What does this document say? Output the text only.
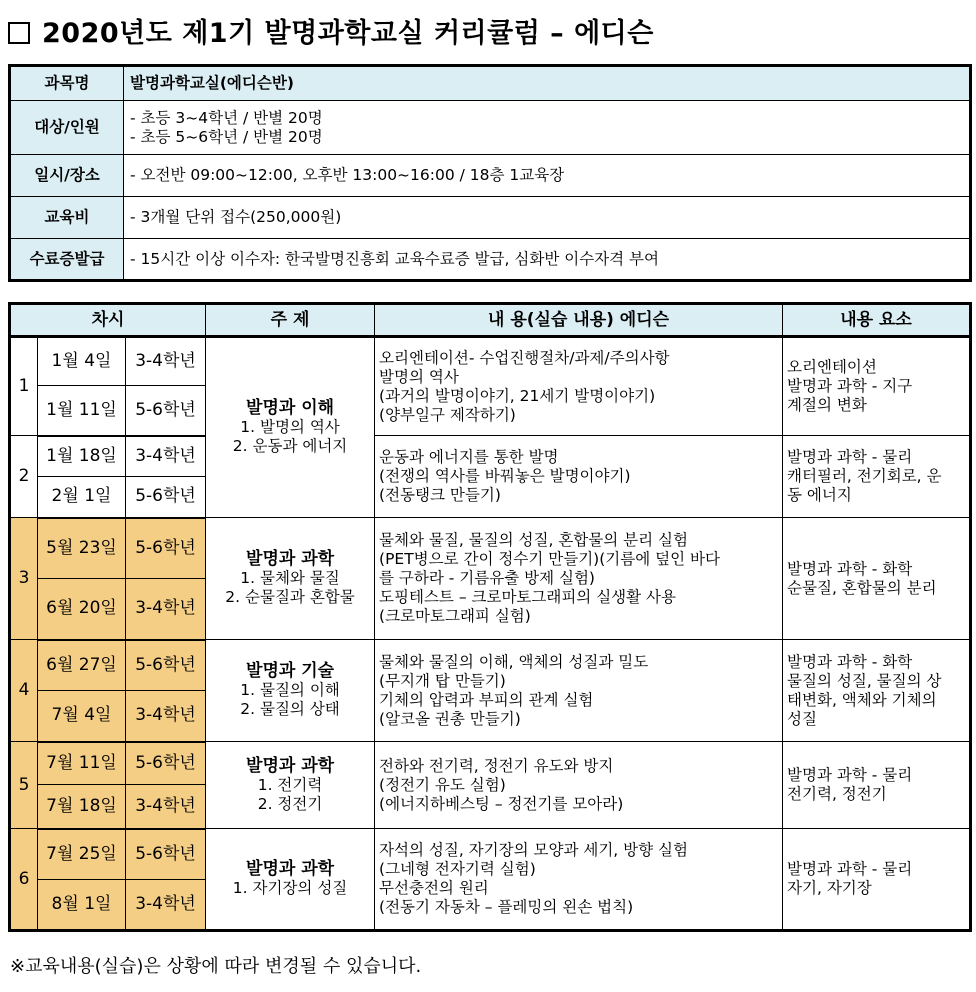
2020년도 제1기 발명과학교실 커리큘럼 – 에디슨
과목명	발명과학교실(에디슨반)
대상/인원	- 초등 3~4학년 / 반별 20명
- 초등 5~6학년 / 반별 20명

일시/장소	- 오전반 09:00~12:00, 오후반 13:00~16:00 / 18층 1교육장
교육비	- 3개월 단위 접수(250,000원)
수료증발급	- 15시간 이상 이수자: 한국발명진흥회 교육수료증 발급, 심화반 이수자격 부여
차시			주 제	내 용(실습 내용) 에디슨	내용 요소
1	1월 4일	3-4학년	발명과 이해
1. 발명의 역사
2. 운동과 에너지	오리엔테이션- 수업진행절차/과제/주의사항
발명의 역사
(과거의 발명이야기, 21세기 발명이야기)
(양부일구 제작하기)	오리엔테이션
발명과 과학 - 지구
계절의 변화

	1월 11일	5-6학년			
2	1월 18일	3-4학년		운동과 에너지를 통한 발명
(전쟁의 역사를 바꿔놓은 발명이야기)
(전동탱크 만들기)	발명과 과학 - 물리
캐터필러, 전기회로, 운
동 에너지

	2월 1일	5-6학년			
3	5월 23일	5-6학년	발명과 과학
1. 물체와 물질
2. 순물질과 혼합물	물체와 물질, 물질의 성질, 혼합물의 분리 실험
(PET병으로 간이 정수기 만들기)(기름에 덮인 바다
를 구하라 - 기름유출 방제 실험)
도핑테스트 – 크로마토그래피의 실생활 사용
(크로마토그래피 실험)	발명과 과학 - 화학
순물질, 혼합물의 분리

	6월 20일	3-4학년			
4	6월 27일	5-6학년	발명과 기술
1. 물질의 이해
2. 물질의 상태	물체와 물질의 이해, 액체의 성질과 밀도
(무지개 탑 만들기)
기체의 압력과 부피의 관계 실험
(알코올 권총 만들기)	발명과 과학 - 화학
물질의 성질, 물질의 상
태변화, 액체와 기체의
성질

	7월 4일	3-4학년			
5	7월 11일	5-6학년	발명과 과학
1. 전기력
2. 정전기	전하와 전기력, 정전기 유도와 방지
(정전기 유도 실험)
(에너지하베스팅 – 정전기를 모아라)	발명과 과학 - 물리
전기력, 정전기

	7월 18일	3-4학년			
6	7월 25일	5-6학년	발명과 과학
1. 자기장의 성질	자석의 성질, 자기장의 모양과 세기, 방향 실험
(그네형 전자기력 실험)
무선충전의 원리
(전동기 자동차 – 플레밍의 왼손 법칙)	발명과 과학 - 물리
자기, 자기장

	8월 1일	3-4학년			
※교육내용(실습)은 상황에 따라 변경될 수 있습니다.
